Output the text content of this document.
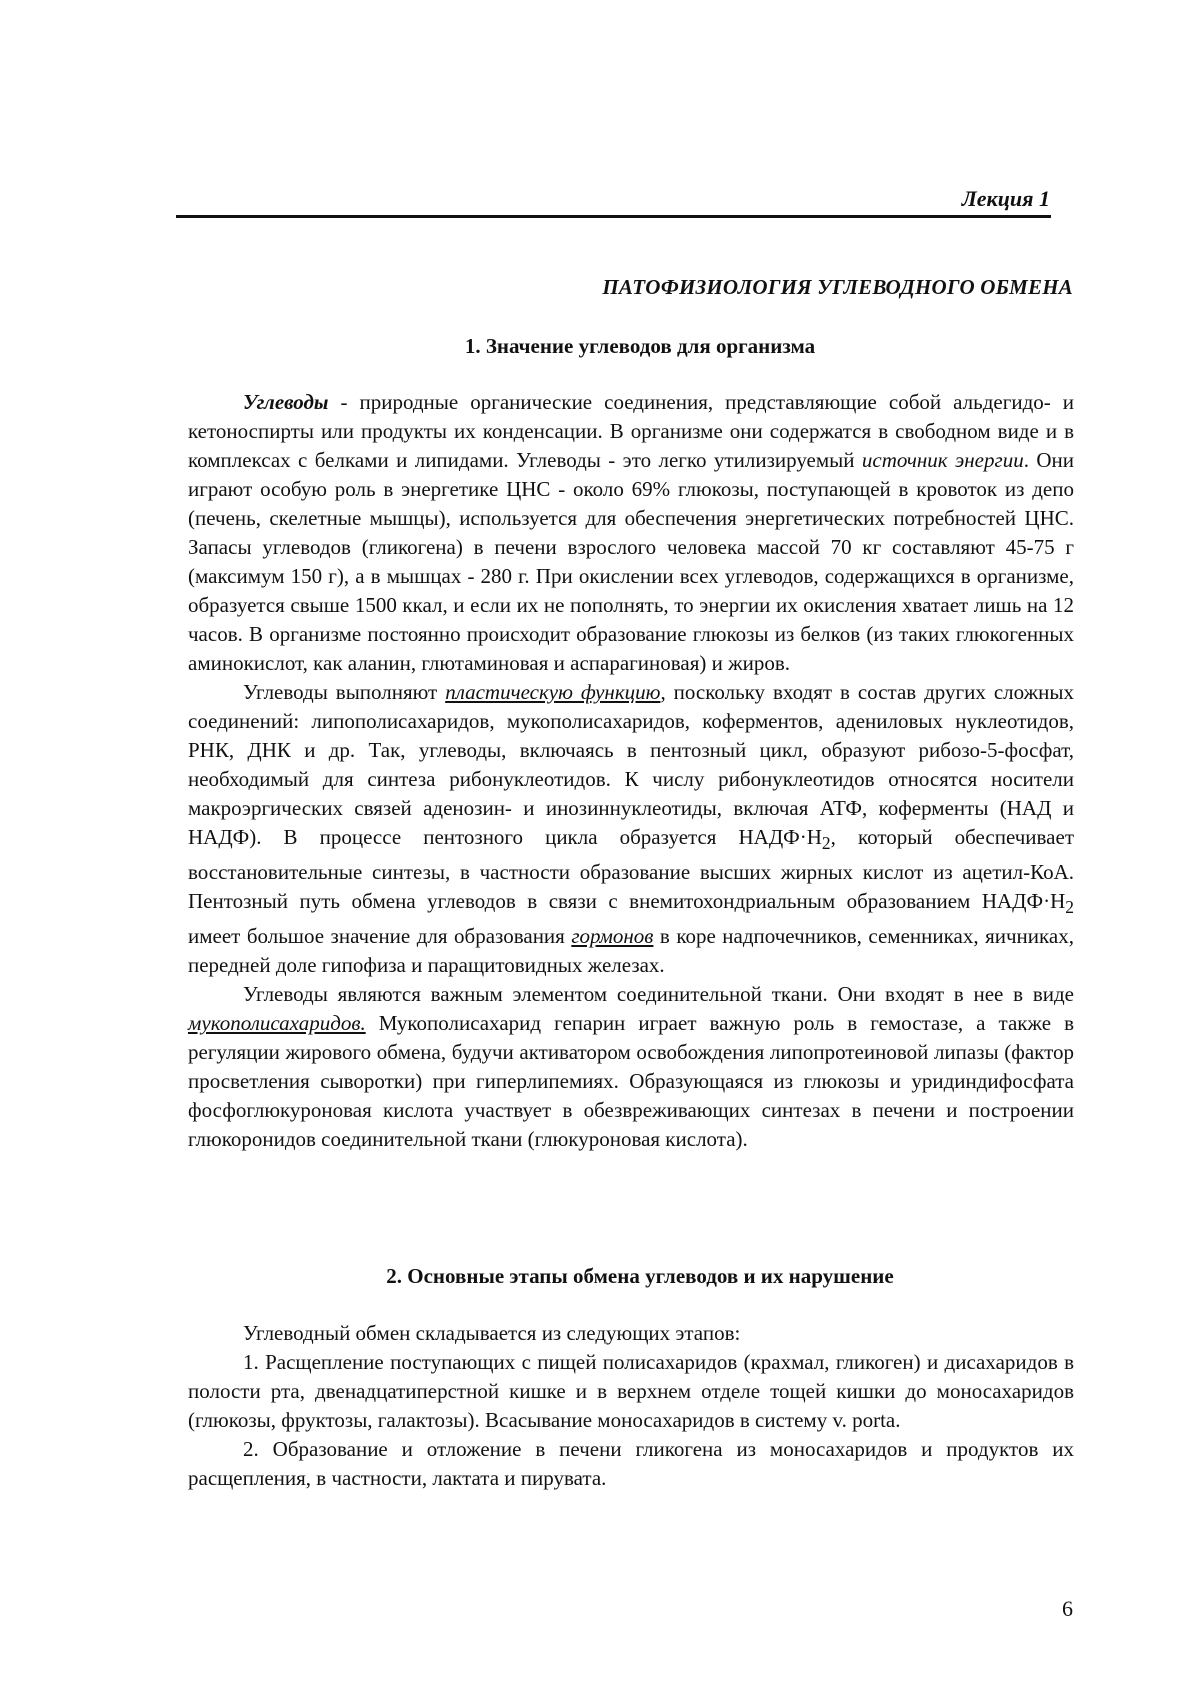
Лекция 1
ПАТОФИЗИОЛОГИЯ УГЛЕВОДНОГО ОБМЕНА
1. Значение углеводов для организма

Углеводы - природные органические соединения, представляющие собой альдегидо- и кетоноспирты или продукты их конденсации. В организме они содержатся в свободном виде и в комплексах с белками и липидами. Углеводы - это легко утилизируемый источник энергии. Они играют особую роль в энергетике ЦНС - около 69% глюкозы, поступающей в кровоток из депо (печень, скелетные мышцы), используется для обеспечения энергетических потребностей ЦНС. Запасы углеводов (гликогена) в печени взрослого человека массой 70 кг составляют 45-75 г (максимум 150 г), а в мышцах - 280 г. При окислении всех углеводов, содержащихся в организме, образуется свыше 1500 ккал, и если их не пополнять, то энергии их окисления хватает лишь на 12 часов. В организме постоянно происходит образование глюкозы из белков (из таких глюкогенных аминокислот, как аланин, глютаминовая и аспарагиновая) и жиров.

Углеводы выполняют пластическую функцию, поскольку входят в состав других сложных соединений: липополисахаридов, мукополисахаридов, коферментов, адениловых нуклеотидов, РНК, ДНК и др. Так, углеводы, включаясь в пентозный цикл, образуют рибозо-5-фосфат, необходимый для синтеза рибонуклеотидов. К числу рибонуклеотидов относятся носители макроэргических связей аденозин- и инозиннуклеотиды, включая АТФ, коферменты (НАД и НАДФ). В процессе пентозного цикла образуется $НАДФ\cdot Н_2$, который обеспечивает восстановительные синтезы, в частности образование высших жирных кислот из ацетил-КоА. Пентозный путь обмена углеводов в связи с внемитохондриальным образованием $НАДФ\cdot Н_2$ имеет большое значение для образования гормонов в коре надпочечников, семенниках, яичниках, передней доле гипофиза и паращитовидных железах.

Углеводы являются важным элементом соединительной ткани. Они входят в нее в виде мукополисахаридов. Мукополисахарид гепарин играет важную роль в гемостазе, а также в регуляции жирового обмена, будучи активатором освобождения липопротеиновой липазы (фактор просветления сыворотки) при гиперлипемиях. Образующаяся из глюкозы и уридиндифосфата фосфоглюкуроновая кислота участвует в обезвреживающих синтезах в печени и построении глюкоронидов соединительной ткани (глюкуроновая кислота).

2. Основные этапы обмена углеводов и их нарушение

Углеводный обмен складывается из следующих этапов:

1. Расщепление поступающих с пищей полисахаридов (крахмал, гликоген) и дисахаридов в полости рта, двенадцатиперстной кишке и в верхнем отделе тощей кишки до моносахаридов (глюкозы, фруктозы, галактозы). Всасывание моносахаридов в систему v. porta.

2. Образование и отложение в печени гликогена из моносахаридов и продуктов их расщепления, в частности, лактата и пирувата.

6
